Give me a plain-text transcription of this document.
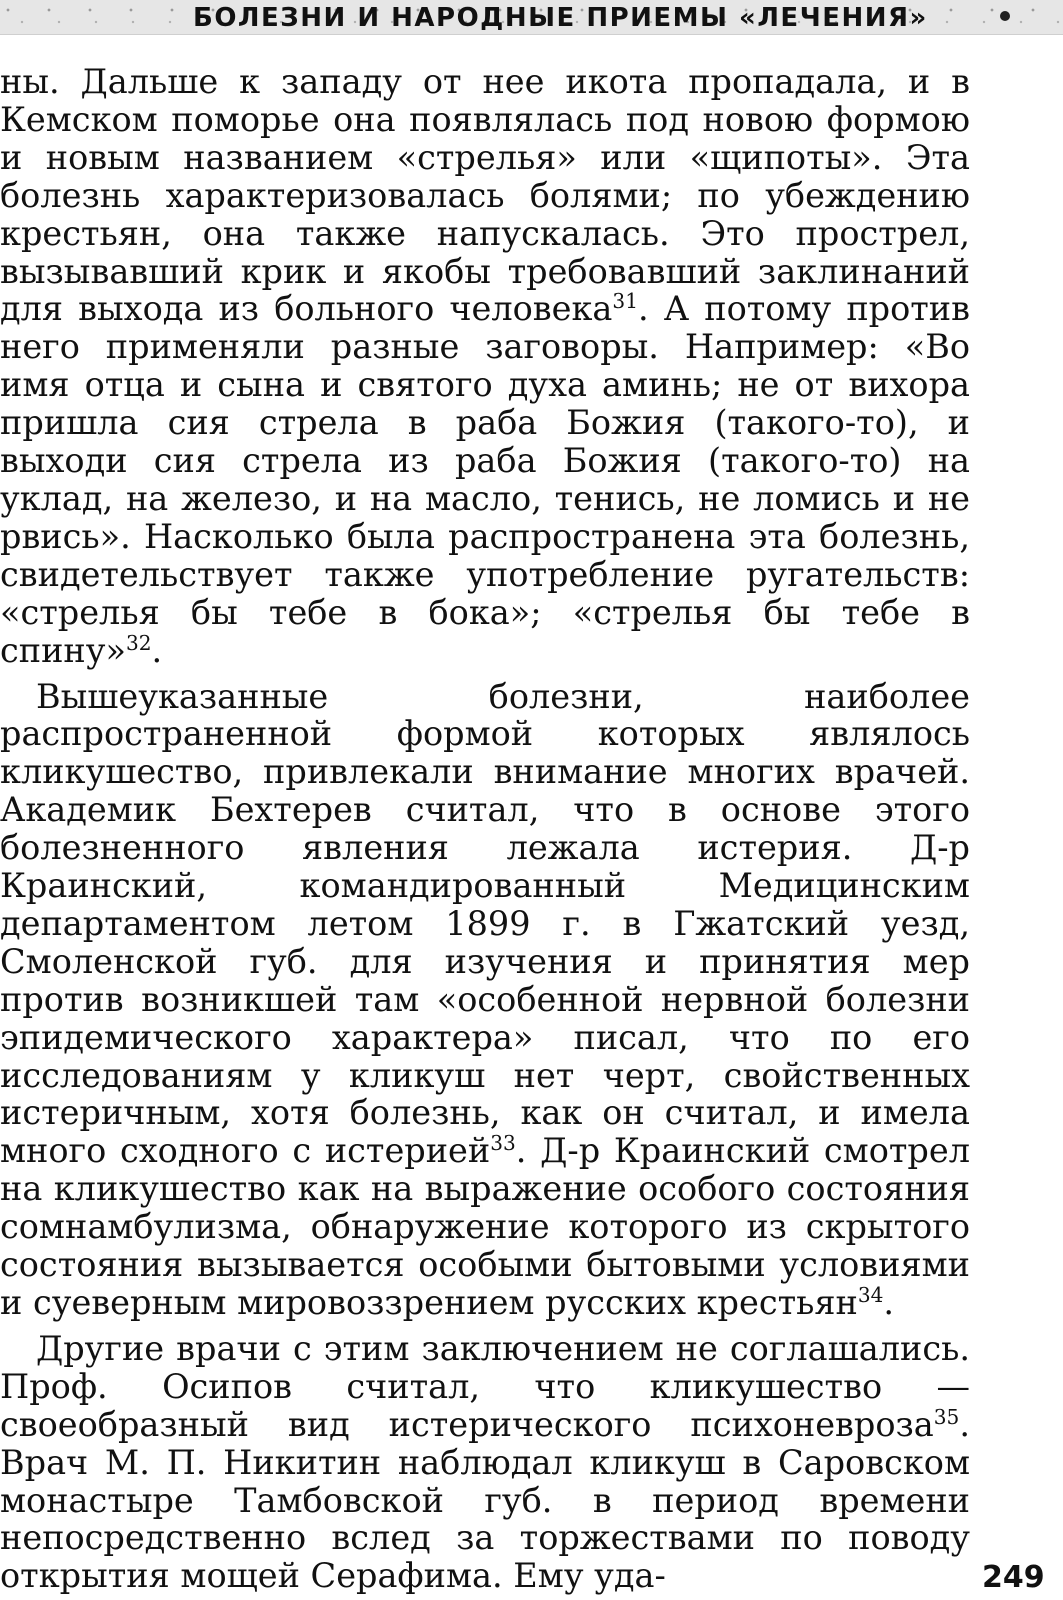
БОЛЕЗНИ И НАРОДНЫЕ ПРИЕМЫ «ЛЕЧЕНИЯ»

ны. Дальше к западу от нее икота пропадала, и в Кемском поморье она появлялась под новою формою и новым названием «стрелья» или «щипоты». Эта болезнь характеризовалась болями; по убеждению крестьян, она также напускалась. Это прострел, вызывавший крик и якобы требовавший заклинаний для выхода из больного человека$^{31}$. А потому против него применяли разные заговоры. Например: «Во имя отца и сына и святого духа аминь; не от вихора пришла сия стрела в раба Божия (такого-то), и выходи сия стрела из раба Божия (такого-то) на уклад, на железо, и на масло, тенись, не ломись и не рвись». Насколько была распространена эта болезнь, свидетельствует также употребление ругательств: «стрелья бы тебе в бока»; «стрелья бы тебе в спину»$^{32}$.

Вышеуказанные болезни, наиболее распространенной формой которых являлось кликушество, привлекали внимание многих врачей. Академик Бехтерев считал, что в основе этого болезненного явления лежала истерия. Д-р Краинский, командированный Медицинским департаментом летом 1899 г. в Гжатский уезд, Смоленской губ. для изучения и принятия мер против возникшей там «особенной нервной болезни эпидемического характера» писал, что по его исследованиям у кликуш нет черт, свойственных истеричным, хотя болезнь, как он считал, и имела много сходного с истерией$^{33}$. Д-р Краинский смотрел на кликушество как на выражение особого состояния сомнамбулизма, обнаружение которого из скрытого состояния вызывается особыми бытовыми условиями и суеверным мировоззрением русских крестьян$^{34}$.

Другие врачи с этим заключением не соглашались. Проф. Осипов считал, что кликушество — своеобразный вид истерического психоневроза$^{35}$. Врач М. П. Никитин наблюдал кликуш в Саровском монастыре Тамбовской губ. в период времени непосредственно вслед за торжествами по поводу открытия мощей Серафима. Ему уда-	249
